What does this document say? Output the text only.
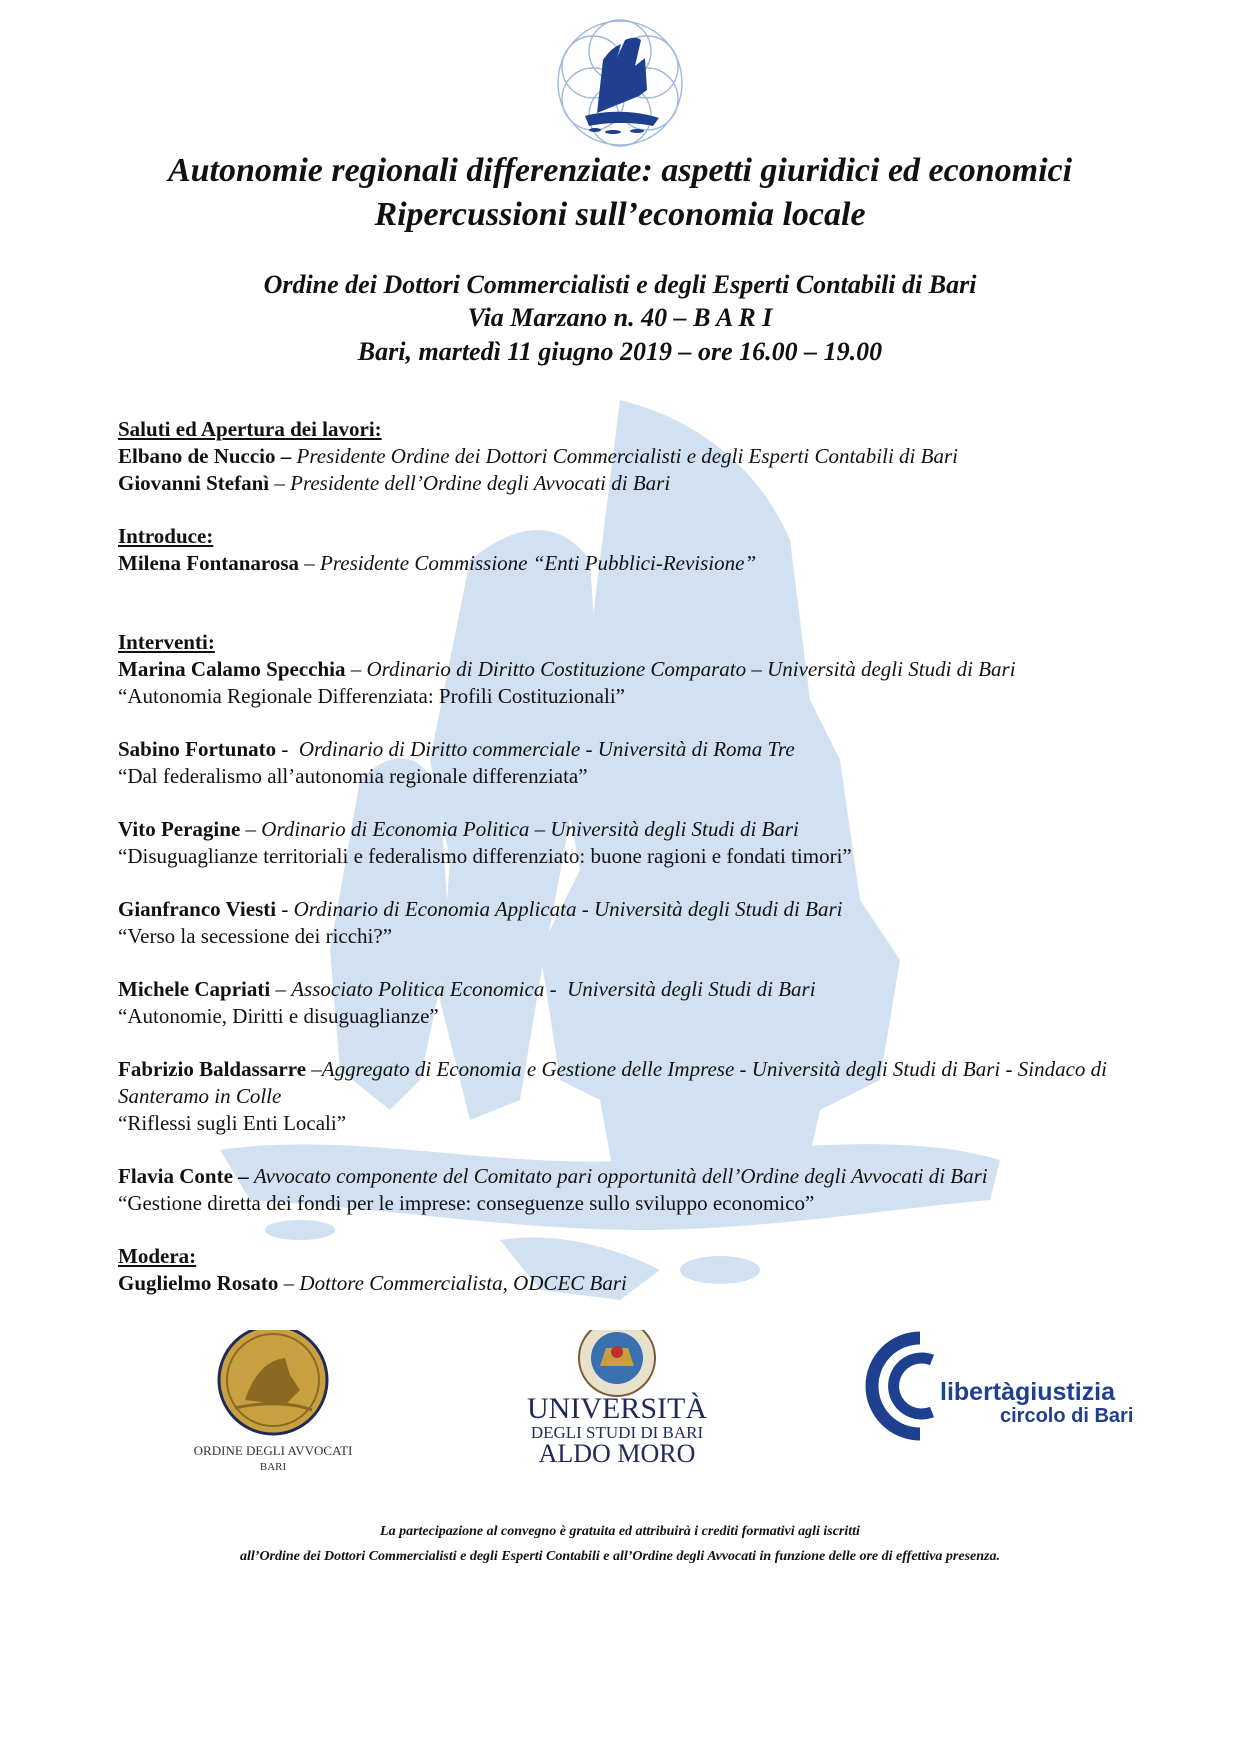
Autonomie regionali differenziate: aspetti giuridici ed economici
Ripercussioni sull’economia locale
Ordine dei Dottori Commercialisti e degli Esperti Contabili di Bari
Via Marzano n. 40 – B A R I
Bari, martedì 11 giugno 2019 – ore 16.00 – 19.00
Saluti ed Apertura dei lavori:
Elbano de Nuccio – Presidente Ordine dei Dottori Commercialisti e degli Esperti Contabili di Bari
Giovanni Stefanì – Presidente dell’Ordine degli Avvocati di Bari
Introduce:
Milena Fontanarosa – Presidente Commissione “Enti Pubblici-Revisione”
Interventi:
Marina Calamo Specchia – Ordinario di Diritto Costituzione Comparato – Università degli Studi di Bari
“Autonomia Regionale Differenziata: Profili Costituzionali”
Sabino Fortunato -  Ordinario di Diritto commerciale - Università di Roma Tre
“Dal federalismo all’autonomia regionale differenziata”
Vito Peragine – Ordinario di Economia Politica – Università degli Studi di Bari
“Disuguaglianze territoriali e federalismo differenziato: buone ragioni e fondati timori”
Gianfranco Viesti - Ordinario di Economia Applicata - Università degli Studi di Bari
“Verso la secessione dei ricchi?”
Michele Capriati – Associato Politica Economica -  Università degli Studi di Bari
“Autonomie, Diritti e disuguaglianze”
Fabrizio Baldassarre –Aggregato di Economia e Gestione delle Imprese - Università degli Studi di Bari - Sindaco di Santeramo in Colle
“Riflessi sugli Enti Locali”
Flavia Conte – Avvocato componente del Comitato pari opportunità dell’Ordine degli Avvocati di Bari
“Gestione diretta dei fondi per le imprese: conseguenze sullo sviluppo economico”
Modera:
Guglielmo Rosato – Dottore Commercialista, ODCEC Bari
ORDINE DEGLI AVVOCATI
BARI
UNIVERSITÀ
DEGLI STUDI DI BARI
ALDO MORO
libertàgiustizia
circolo di Bari
La partecipazione al convegno è gratuita ed attribuirà i crediti formativi agli iscritti
all’Ordine dei Dottori Commercialisti e degli Esperti Contabili e all’Ordine degli Avvocati in funzione delle ore di effettiva presenza.
